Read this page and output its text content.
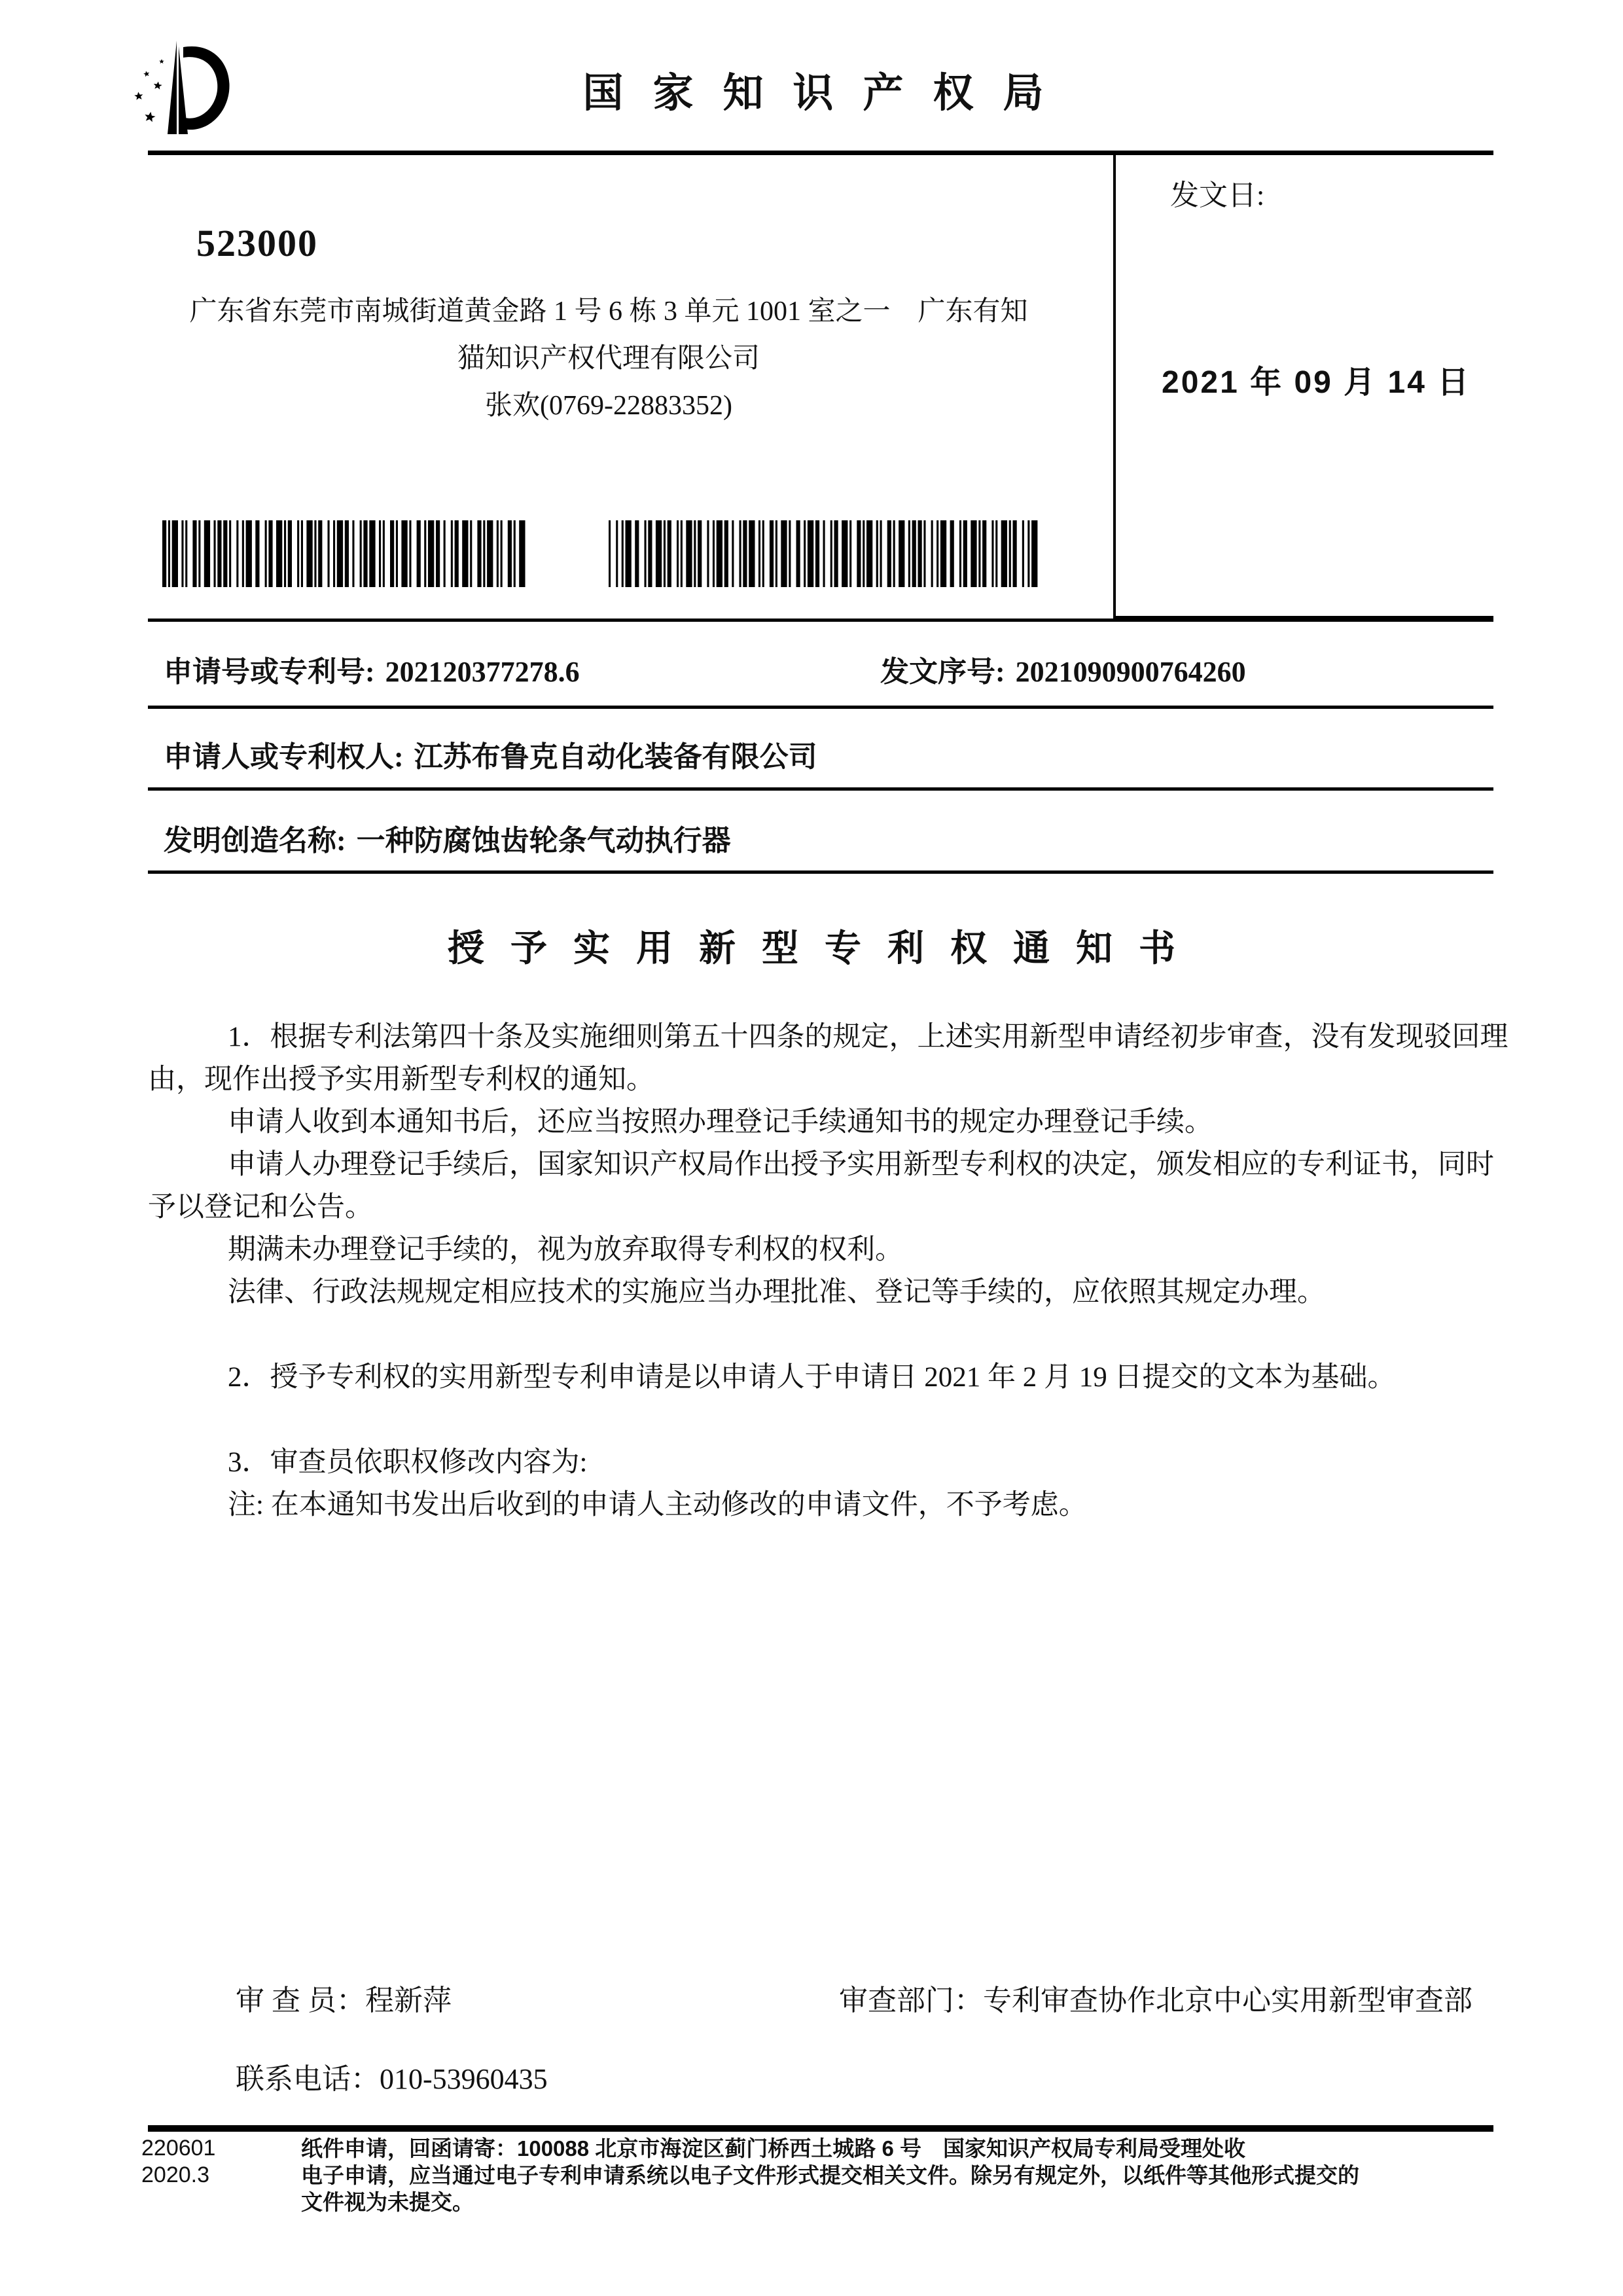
国家知识产权局
523000
广东省东莞市南城街道黄金路 1 号 6 栋 3 单元 1001 室之一　广东有知
猫知识产权代理有限公司
张欢(0769-22883352)
发文日:
2021 年 09 月 14 日
申请号或专利号: 202120377278.6	发文序号: 2021090900764260
申请人或专利权人: 江苏布鲁克自动化装备有限公司
发明创造名称: 一种防腐蚀齿轮条气动执行器
授予实用新型专利权通知书
1．根据专利法第四十条及实施细则第五十四条的规定，上述实用新型申请经初步审查，没有发现驳回理
由，现作出授予实用新型专利权的通知。
申请人收到本通知书后，还应当按照办理登记手续通知书的规定办理登记手续。
申请人办理登记手续后，国家知识产权局作出授予实用新型专利权的决定，颁发相应的专利证书，同时
予以登记和公告。
期满未办理登记手续的，视为放弃取得专利权的权利。
法律、行政法规规定相应技术的实施应当办理批准、登记等手续的，应依照其规定办理。
2．授予专利权的实用新型专利申请是以申请人于申请日 2021 年 2 月 19 日提交的文本为基础。
3．审查员依职权修改内容为:
注: 在本通知书发出后收到的申请人主动修改的申请文件，不予考虑。
审 查 员：程新萍	审查部门：专利审查协作北京中心实用新型审查部
联系电话：010-53960435
220601
2020.3
纸件申请，回函请寄：100088 北京市海淀区蓟门桥西土城路 6 号　国家知识产权局专利局受理处收
电子申请，应当通过电子专利申请系统以电子文件形式提交相关文件。除另有规定外，以纸件等其他形式提交的
文件视为未提交。
